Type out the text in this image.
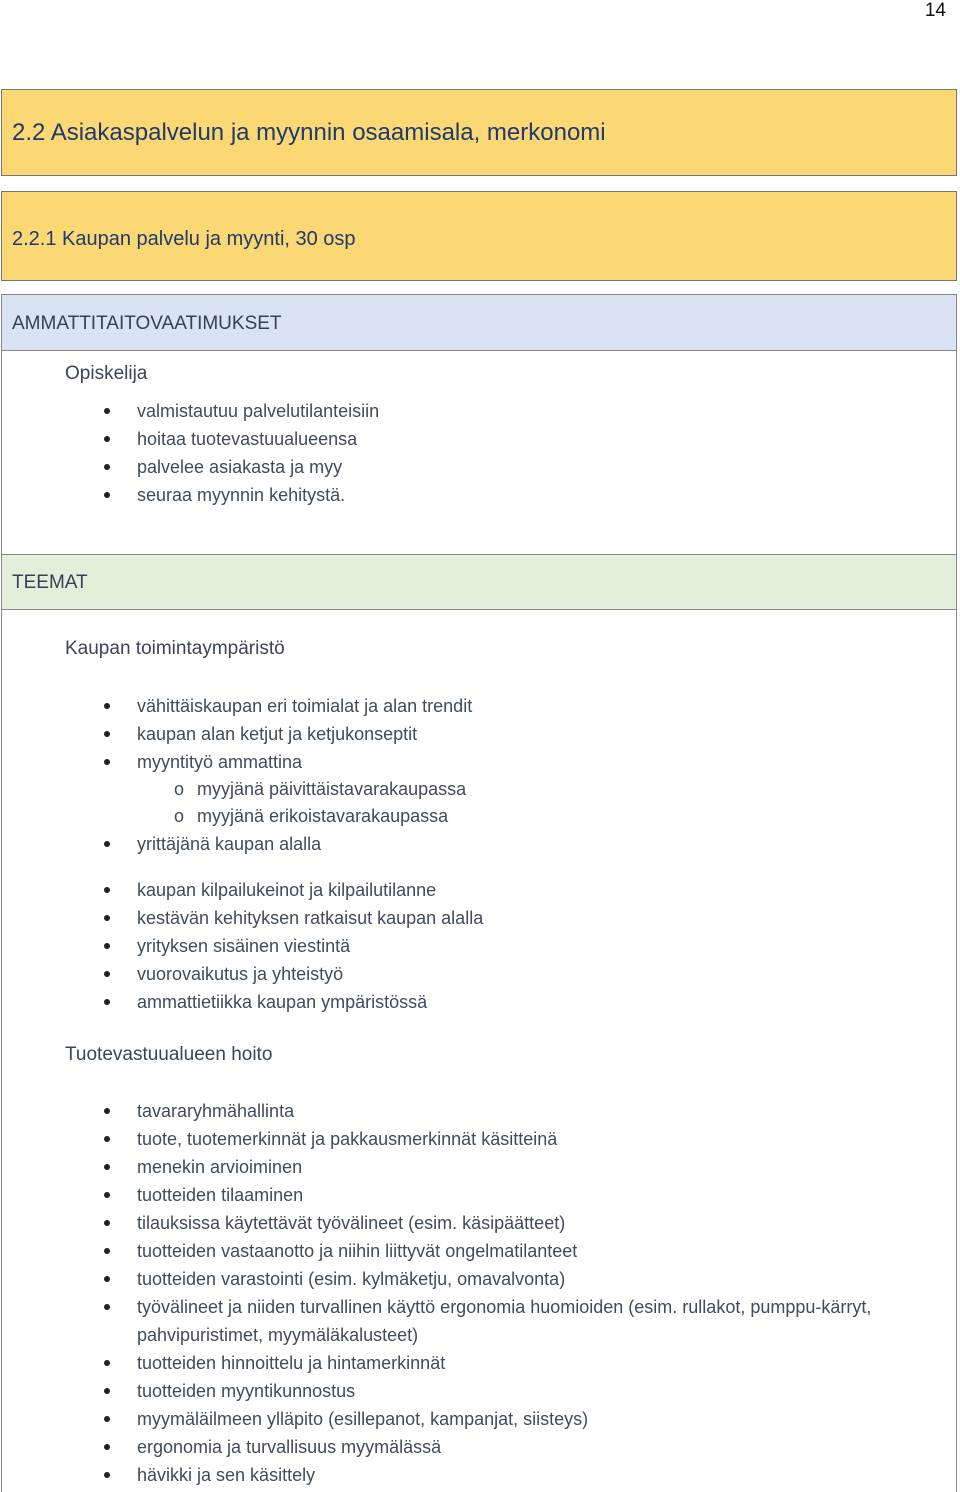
14
2.2 Asiakaspalvelun ja myynnin osaamisala, merkonomi
2.2.1 Kaupan palvelu ja myynti, 30 osp
AMMATTITAITOVAATIMUKSET
Opiskelija
valmistautuu palvelutilanteisiin
hoitaa tuotevastuualueensa
palvelee asiakasta ja myy
seuraa myynnin kehitystä.
TEEMAT
Kaupan toimintaympäristö
vähittäiskaupan eri toimialat ja alan trendit
kaupan alan ketjut ja ketjukonseptit
myyntityö ammattina
o myyjänä päivittäistavarakaupassa
o myyjänä erikoistavarakaupassa
yrittäjänä kaupan alalla
kaupan kilpailukeinot ja kilpailutilanne
kestävän kehityksen ratkaisut kaupan alalla
yrityksen sisäinen viestintä
vuorovaikutus ja yhteistyö
ammattietiikka kaupan ympäristössä
Tuotevastuualueen hoito
tavararyhmähallinta
tuote, tuotemerkinnät ja pakkausmerkinnät käsitteinä
menekin arvioiminen
tuotteiden tilaaminen
tilauksissa käytettävät työvälineet (esim. käsipäätteet)
tuotteiden vastaanotto ja niihin liittyvät ongelmatilanteet
tuotteiden varastointi (esim. kylmäketju, omavalvonta)
työvälineet ja niiden turvallinen käyttö ergonomia huomioiden (esim. rullakot, pumppu-kärryt, pahvipuristimet, myymäläkalusteet)
tuotteiden hinnoittelu ja hintamerkinnät
tuotteiden myyntikunnostus
myymäläilmeen ylläpito (esillepanot, kampanjat, siisteys)
ergonomia ja turvallisuus myymälässä
hävikki ja sen käsittely
